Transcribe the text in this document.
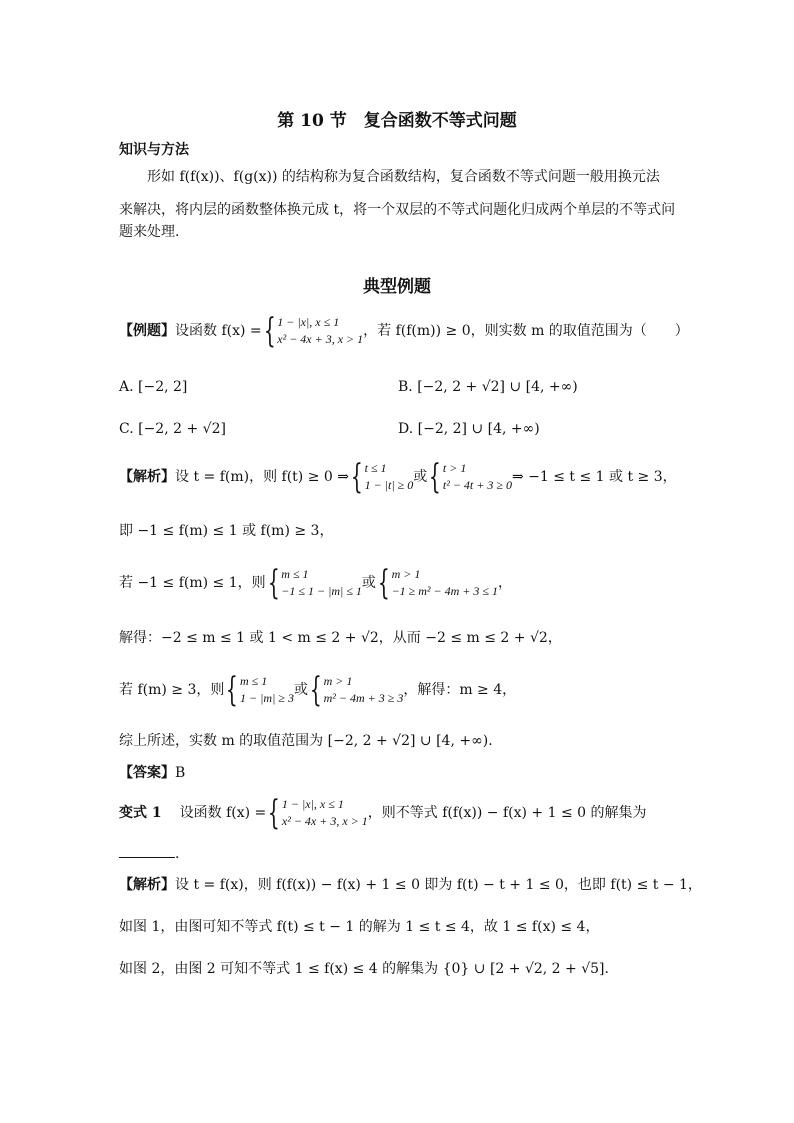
第 10 节　复合函数不等式问题
知识与方法
形如 f(f(x))、f(g(x)) 的结构称为复合函数结构，复合函数不等式问题一般用换元法
来解决，将内层的函数整体换元成 t，将一个双层的不等式问题化归成两个单层的不等式问
题来处理.
典型例题
【例题】设函数 f(x) ={ 1 − |x|, x ≤ 1
x² − 4x + 3, x > 1 ，若 f(f(m)) ≥ 0，则实数 m 的取值范围为（　　）
A. [−2, 2]	B. [−2, 2 + √2] ∪ [4, +∞)
C. [−2, 2 + √2]	D. [−2, 2] ∪ [4, +∞)
【解析】设 t = f(m)，则 f(t) ≥ 0 ⇒{ t ≤ 1
1 − |t| ≥ 0 或{ t > 1
t² − 4t + 3 ≥ 0 ⇒ −1 ≤ t ≤ 1 或 t ≥ 3，
即 −1 ≤ f(m) ≤ 1 或 f(m) ≥ 3，
若 −1 ≤ f(m) ≤ 1，则{ m ≤ 1
−1 ≤ 1 − |m| ≤ 1 或{ m > 1
−1 ≥ m² − 4m + 3 ≤ 1 ，
解得：−2 ≤ m ≤ 1 或 1 < m ≤ 2 + √2，从而 −2 ≤ m ≤ 2 + √2，
若 f(m) ≥ 3，则{ m ≤ 1
1 − |m| ≥ 3 或{ m > 1
m² − 4m + 3 ≥ 3 ，解得：m ≥ 4，
综上所述，实数 m 的取值范围为 [−2, 2 + √2] ∪ [4, +∞).
【答案】B
变式 1 设函数 f(x) ={ 1 − |x|, x ≤ 1
x² − 4x + 3, x > 1 ，则不等式 f(f(x)) − f(x) + 1 ≤ 0 的解集为
.
【解析】设 t = f(x)，则 f(f(x)) − f(x) + 1 ≤ 0 即为 f(t) − t + 1 ≤ 0，也即 f(t) ≤ t − 1，
如图 1，由图可知不等式 f(t) ≤ t − 1 的解为 1 ≤ t ≤ 4，故 1 ≤ f(x) ≤ 4，
如图 2，由图 2 可知不等式 1 ≤ f(x) ≤ 4 的解集为 {0} ∪ [2 + √2, 2 + √5].
